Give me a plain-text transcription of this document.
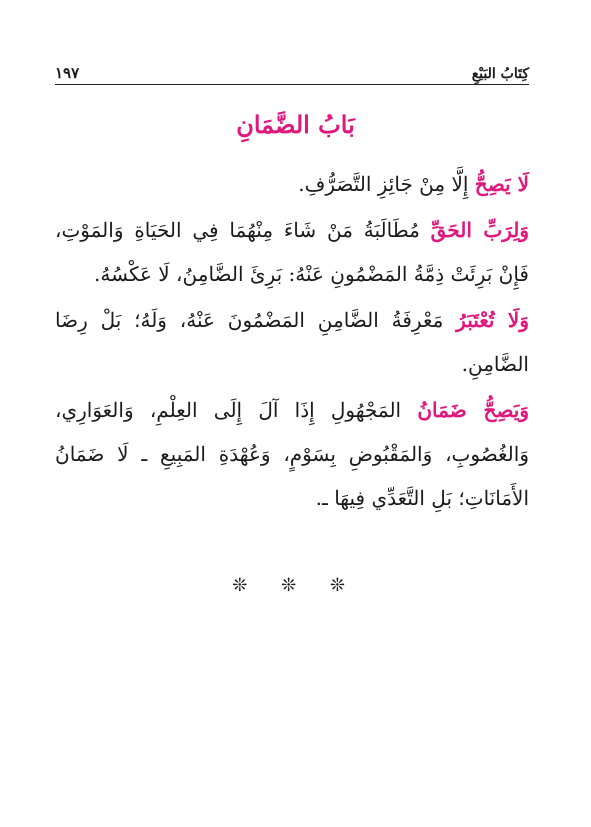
١٩٧	كِتَابُ البَيْعِ
بَابُ الضَّمَانِ

لَا يَصِحُّ إِلَّا مِنْ جَائِزِ التَّصَرُّفِ.

وَلِرَبِّ الحَقِّ مُطَالَبَةُ مَنْ شَاءَ مِنْهُمَا فِي الحَيَاةِ وَالمَوْتِ، فَإِنْ بَرِئَتْ ذِمَّةُ المَضْمُونِ عَنْهُ: بَرِئَ الضَّامِنُ، لَا عَكْسُهُ.

وَلَا تُعْتَبَرُ مَعْرِفَةُ الضَّامِنِ المَضْمُونَ عَنْهُ، وَلَهُ؛ بَلْ رِضَا الضَّامِنِ.

وَيَصِحُّ ضَمَانُ المَجْهُولِ إِذَا آلَ إِلَى العِلْمِ، وَالعَوَارِي، وَالغُصُوبِ، وَالمَقْبُوضِ بِسَوْمٍ، وَعُهْدَةِ المَبِيعِ ـ لَا ضَمَانُ الأَمَانَاتِ؛ بَلِ التَّعَدِّي فِيهَا ـ.

❊ ❊ ❊
